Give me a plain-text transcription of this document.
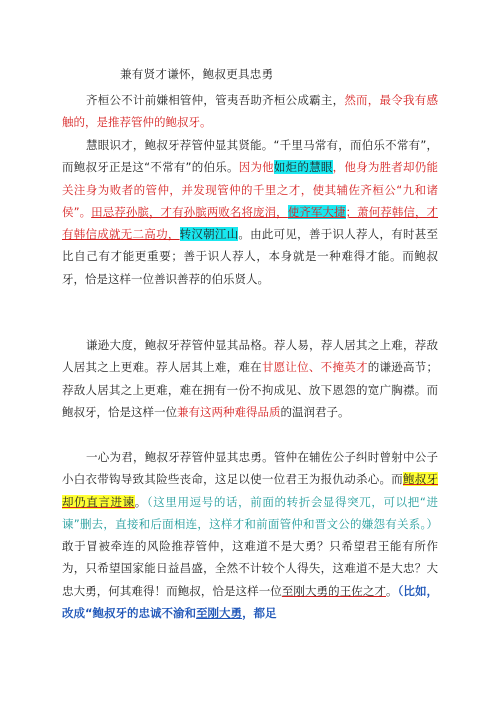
兼有贤才谦怀，鲍叔更具忠勇

齐桓公不计前嫌相管仲，管夷吾助齐桓公成霸主，然而，最令我有感触的，是推荐管仲的鲍叔牙。

慧眼识才，鲍叔牙荐管仲显其贤能。“千里马常有，而伯乐不常有”，而鲍叔牙正是这“不常有”的伯乐。因为他如炬的慧眼，他身为胜者却仍能关注身为败者的管仲，并发现管仲的千里之才，使其辅佐齐桓公“九和诸侯”。田忌荐孙膑，才有孙膑两败名将庞涓，使齐军大捷；萧何荐韩信，才有韩信成就无二高功，转汉朝江山。由此可见，善于识人荐人，有时甚至比自己有才能更重要；善于识人荐人，本身就是一种难得才能。而鲍叔牙，恰是这样一位善识善荐的伯乐贤人。

谦逊大度，鲍叔牙荐管仲显其品格。荐人易，荐人居其之上难，荐敌人居其之上更难。荐人居其上难，难在甘愿让位、不掩英才的谦逊高节；荐敌人居其之上更难，难在拥有一份不拘成见、放下恩怨的宽广胸襟。而鲍叔牙，恰是这样一位兼有这两种难得品质的温润君子。

一心为君，鲍叔牙荐管仲显其忠勇。管仲在辅佐公子纠时曾射中公子小白衣带钩导致其险些丧命，这足以使一位君王为报仇动杀心。而鲍叔牙却仍直言进谏。（这里用逗号的话，前面的转折会显得突兀，可以把“进谏”删去，直接和后面相连，这样才和前面管仲和晋文公的嫌怨有关系。）敢于冒被牵连的风险推荐管仲，这难道不是大勇？只希望君王能有所作为，只希望国家能日益昌盛，全然不计较个人得失，这难道不是大忠？大忠大勇，何其难得！而鲍叔，恰是这样一位至刚大勇的王佐之才。（比如，改成“鲍叔牙的忠诚不渝和至刚大勇，都足
